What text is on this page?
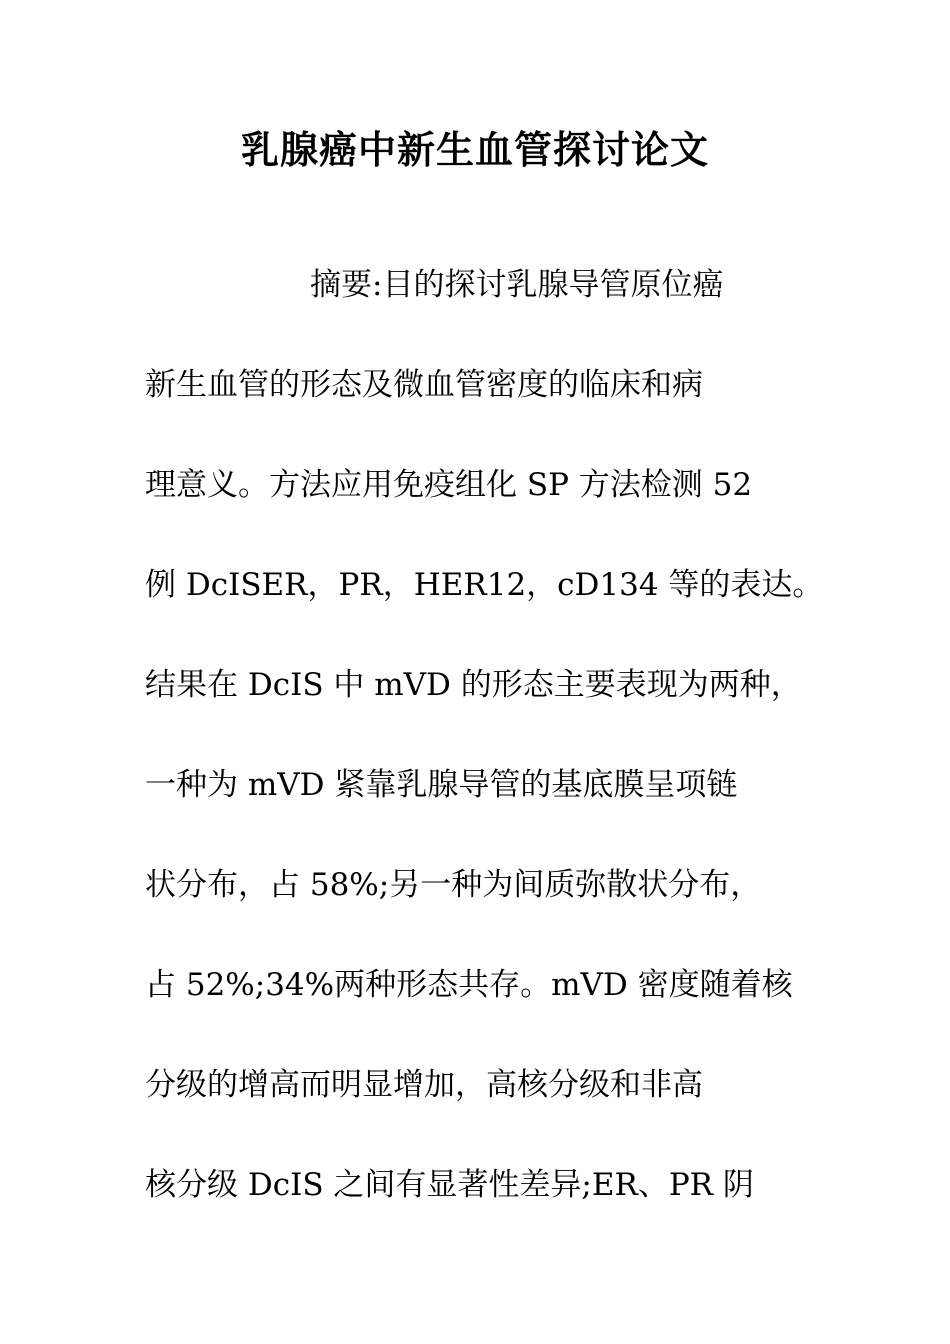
乳腺癌中新生血管探讨论文
摘要:目的探讨乳腺导管原位癌
新生血管的形态及微血管密度的临床和病
理意义。方法应用免疫组化 SP 方法检测 52
例 DcISER，PR，HER12，cD134 等的表达。
结果在 DcIS 中 mVD 的形态主要表现为两种，
一种为 mVD 紧靠乳腺导管的基底膜呈项链
状分布，占 58%;另一种为间质弥散状分布，
占 52%;34%两种形态共存。mVD 密度随着核
分级的增高而明显增加，高核分级和非高
核分级 DcIS 之间有显著性差异;ER、PR 阴
